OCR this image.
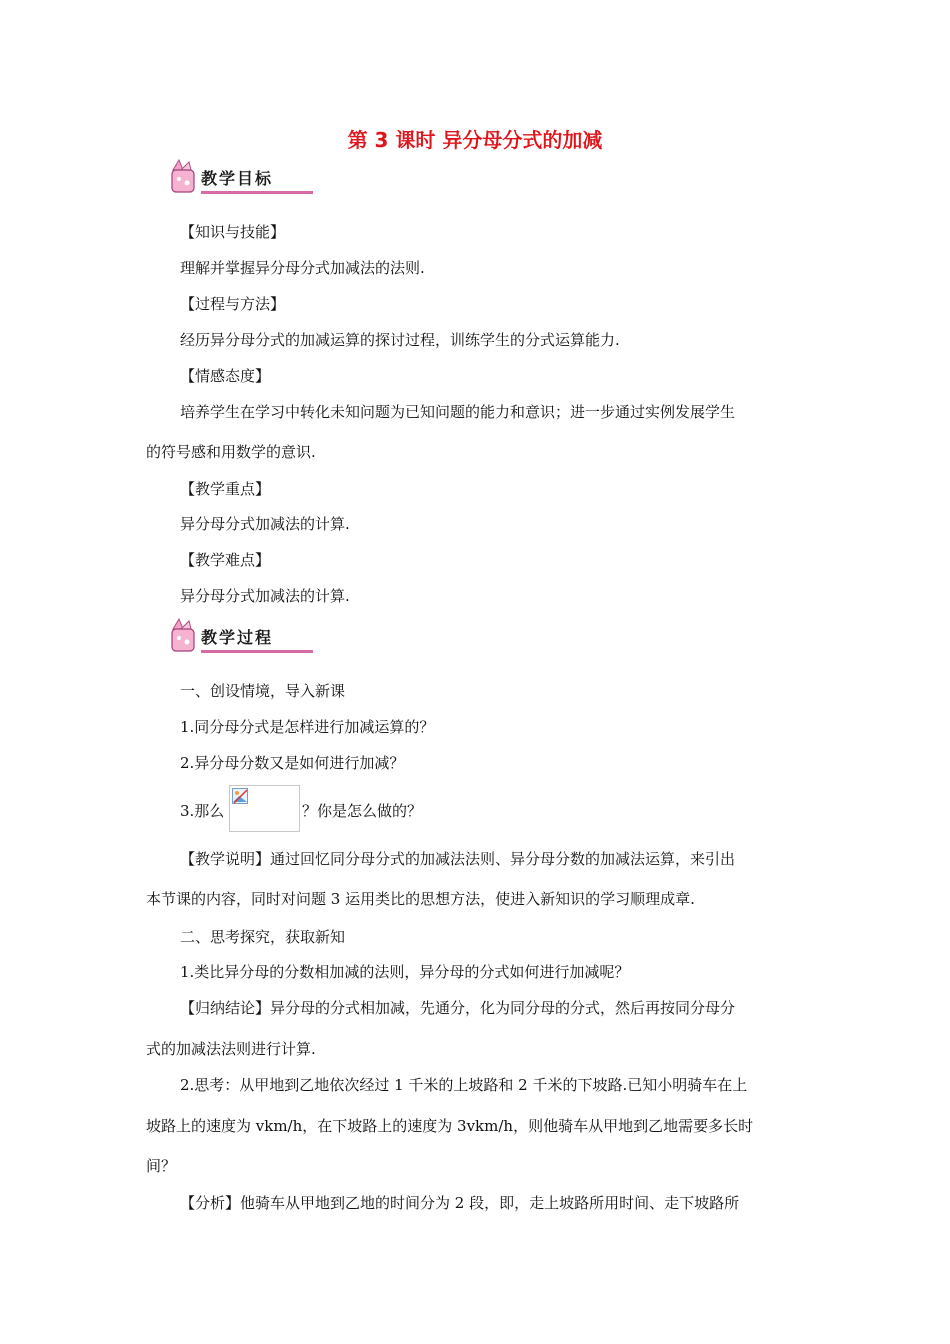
第 3 课时 异分母分式的加减
教学目标
【知识与技能】
理解并掌握异分母分式加减法的法则.
【过程与方法】
经历异分母分式的加减运算的探讨过程，训练学生的分式运算能力.
【情感态度】
培养学生在学习中转化未知问题为已知问题的能力和意识；进一步通过实例发展学生
的符号感和用数学的意识.
【教学重点】
异分母分式加减法的计算.
【教学难点】
异分母分式加减法的计算.
教学过程
一、创设情境，导入新课
1.同分母分式是怎样进行加减运算的？
2.异分母分数又是如何进行加减？
3.那么	？你是怎么做的？
【教学说明】通过回忆同分母分式的加减法法则、异分母分数的加减法运算，来引出
本节课的内容，同时对问题 3 运用类比的思想方法，使进入新知识的学习顺理成章.
二、思考探究，获取新知
1.类比异分母的分数相加减的法则，异分母的分式如何进行加减呢？
【归纳结论】异分母的分式相加减，先通分，化为同分母的分式，然后再按同分母分
式的加减法法则进行计算.
2.思考：从甲地到乙地依次经过 1 千米的上坡路和 2 千米的下坡路.已知小明骑车在上
坡路上的速度为 vkm/h，在下坡路上的速度为 3vkm/h，则他骑车从甲地到乙地需要多长时
间？
【分析】他骑车从甲地到乙地的时间分为 2 段，即，走上坡路所用时间、走下坡路所
